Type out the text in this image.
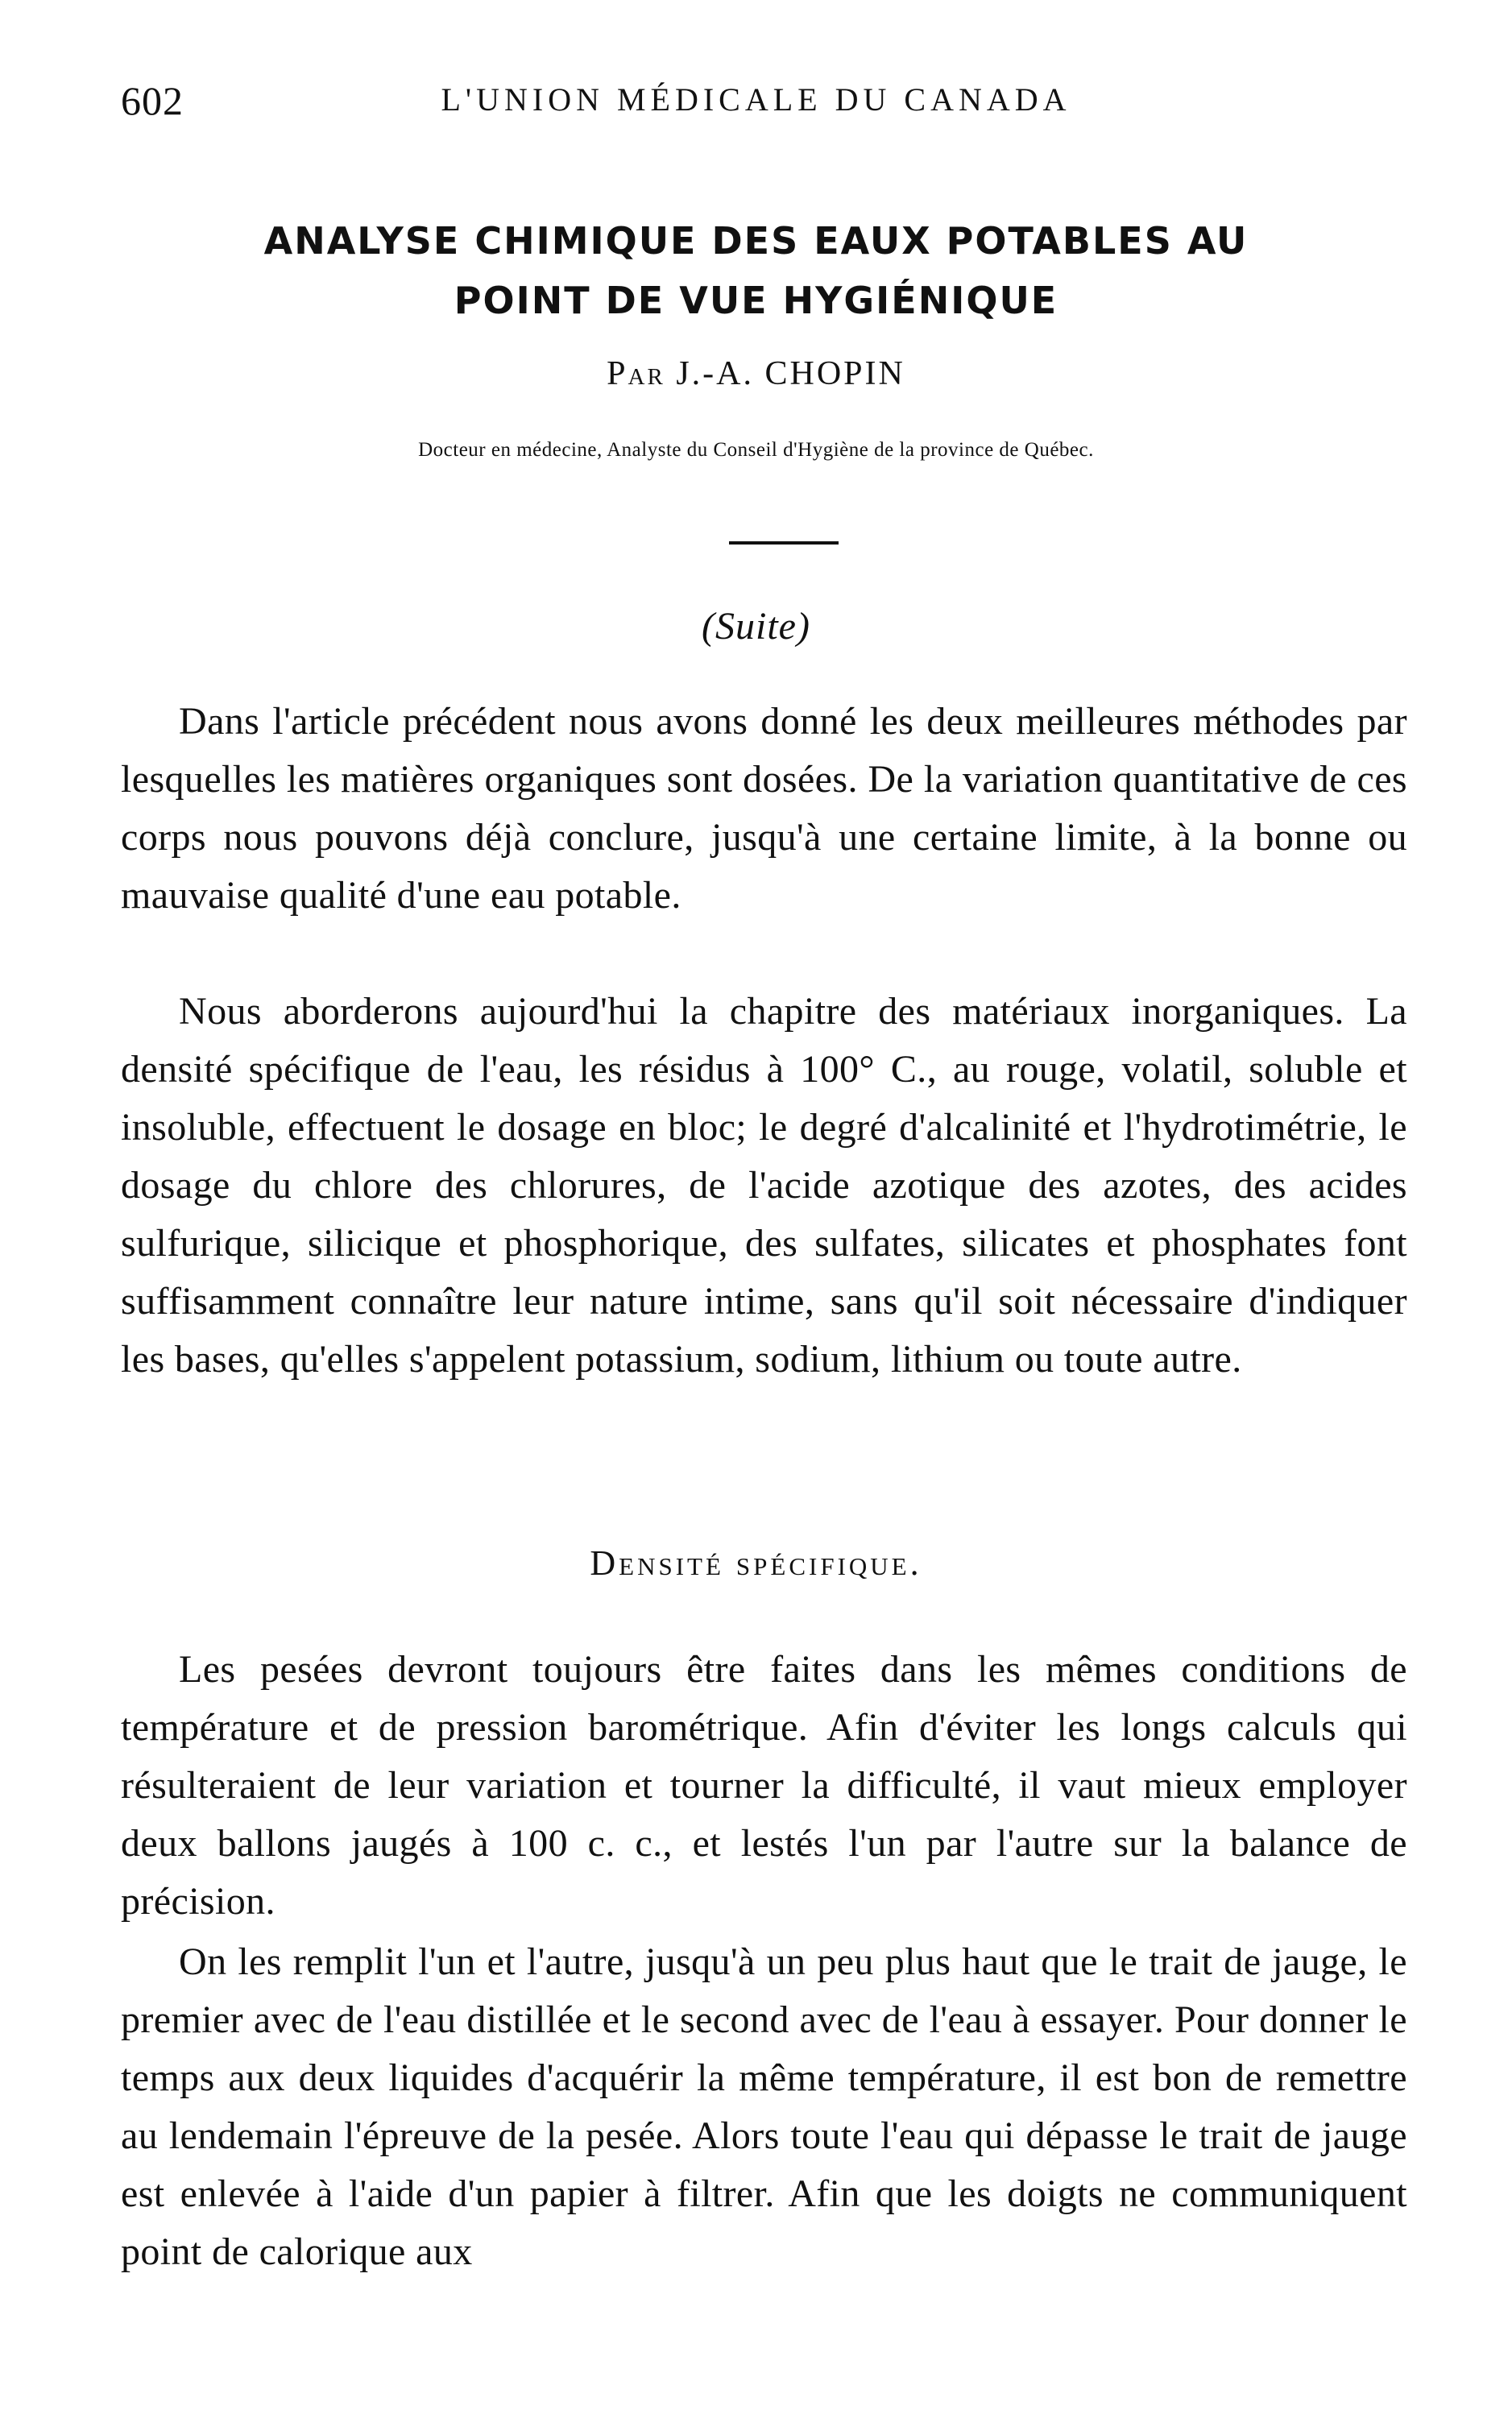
602	L'UNION MÉDICALE DU CANADA
ANALYSE CHIMIQUE DES EAUX POTABLES AU
POINT DE VUE HYGIÉNIQUE
Par J.-A. CHOPIN
Docteur en médecine, Analyste du Conseil d'Hygiène de la province de Québec.
(Suite)

Dans l'article précédent nous avons donné les deux meilleures méthodes par lesquelles les matières organiques sont dosées. De la variation quantitative de ces corps nous pouvons déjà conclure, jusqu'à une certaine limite, à la bonne ou mauvaise qualité d'une eau potable.

Nous aborderons aujourd'hui la chapitre des matériaux inorganiques. La densité spécifique de l'eau, les résidus à 100° C., au rouge, volatil, soluble et insoluble, effectuent le dosage en bloc; le degré d'alcalinité et l'hydrotimétrie, le dosage du chlore des chlorures, de l'acide azotique des azotes, des acides sulfurique, silicique et phosphorique, des sulfates, silicates et phosphates font suffisamment connaître leur nature intime, sans qu'il soit nécessaire d'indiquer les bases, qu'elles s'appelent potassium, sodium, lithium ou toute autre.

Densité spécifique.

Les pesées devront toujours être faites dans les mêmes conditions de température et de pression barométrique. Afin d'éviter les longs calculs qui résulteraient de leur variation et tourner la difficulté, il vaut mieux employer deux ballons jaugés à 100 c. c., et lestés l'un par l'autre sur la balance de précision.

On les remplit l'un et l'autre, jusqu'à un peu plus haut que le trait de jauge, le premier avec de l'eau distillée et le second avec de l'eau à essayer. Pour donner le temps aux deux liquides d'acquérir la même température, il est bon de remettre au lendemain l'épreuve de la pesée. Alors toute l'eau qui dépasse le trait de jauge est enlevée à l'aide d'un papier à filtrer. Afin que les doigts ne communiquent point de calorique aux
